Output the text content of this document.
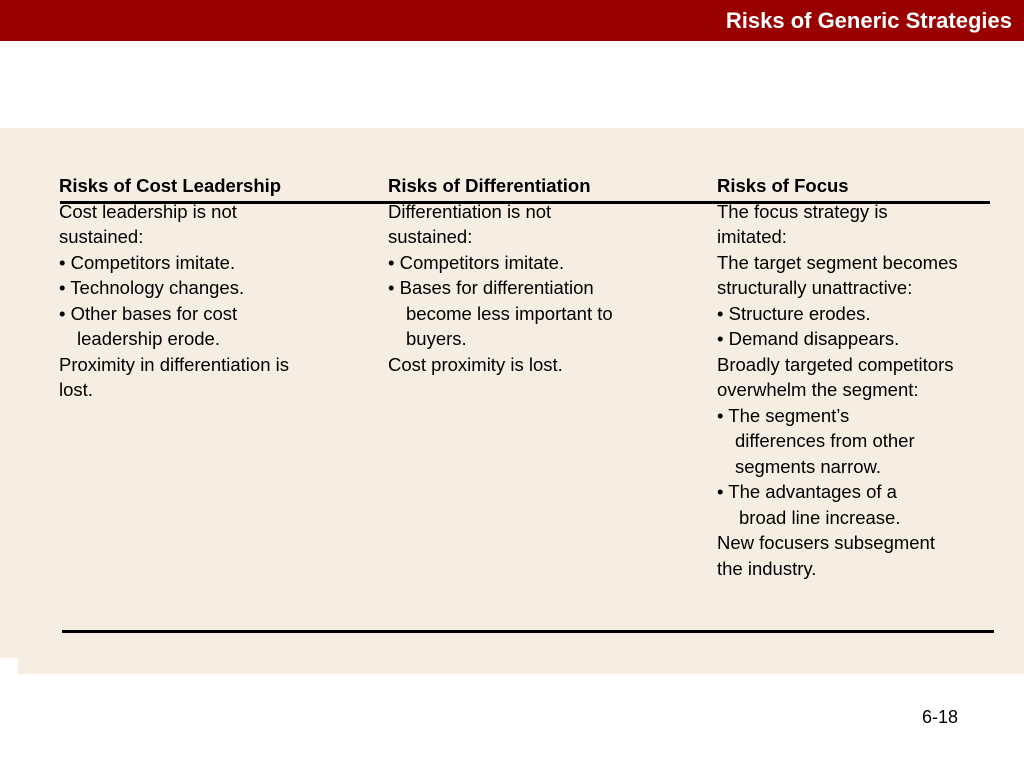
Risks of Generic Strategies
Risks of Cost Leadership
Cost leadership is not
sustained:
• Competitors imitate.
• Technology changes.
• Other bases for cost
leadership erode.
Proximity in differentiation is
lost.
Risks of Differentiation
Differentiation is not
sustained:
• Competitors imitate.
• Bases for differentiation
become less important to
buyers.
Cost proximity is lost.
Risks of Focus
The focus strategy is
imitated:
The target segment becomes
structurally unattractive:
• Structure erodes.
• Demand disappears.
Broadly targeted competitors
overwhelm the segment:
• The segment’s
differences from other
segments narrow.
• The advantages of a
broad line increase.
New focusers subsegment
the industry.
6-18
